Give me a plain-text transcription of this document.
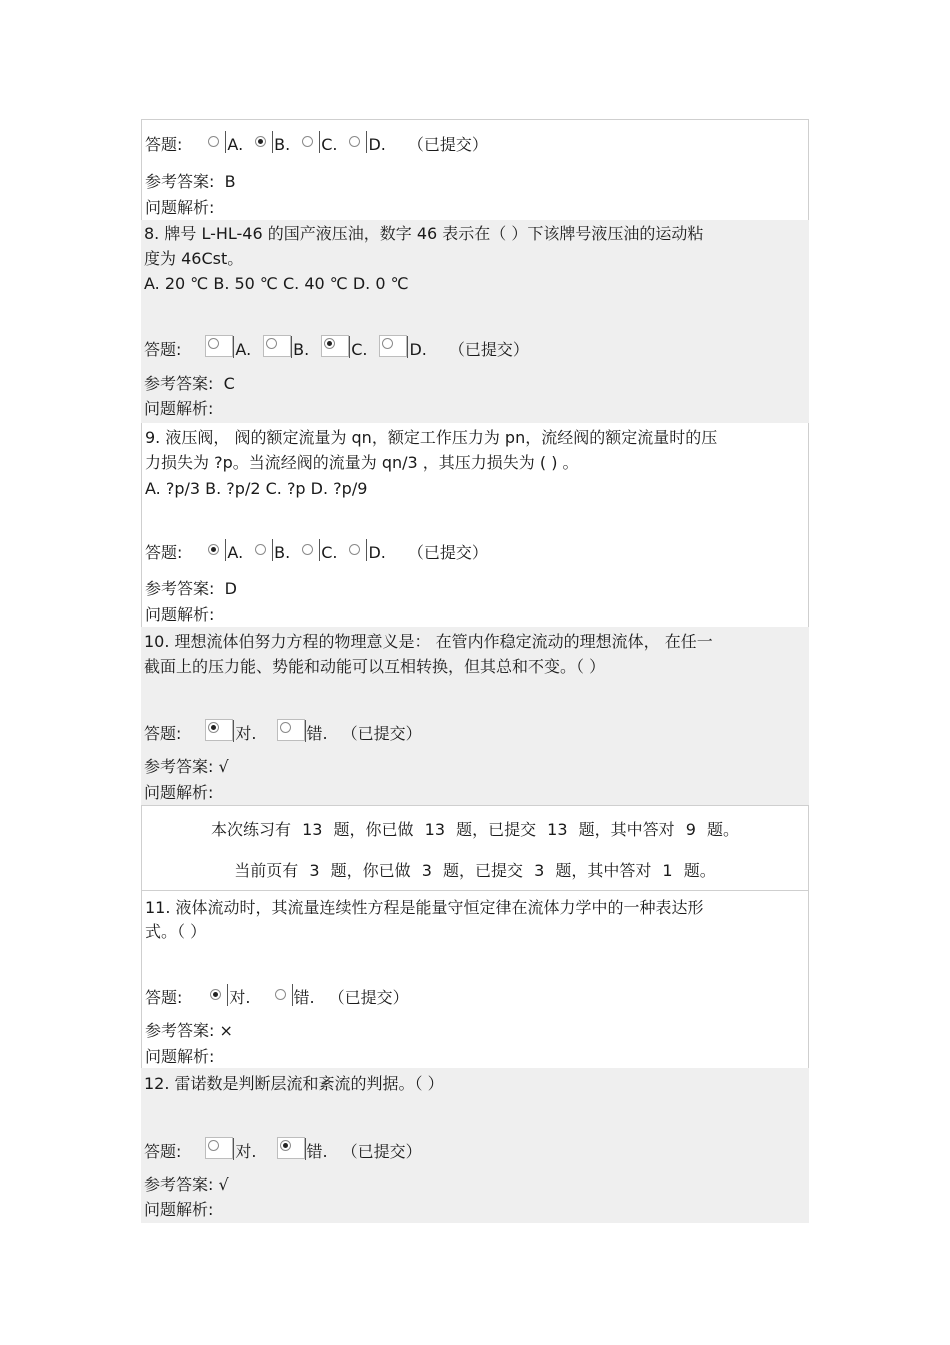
答题:	A. B. C. D. （已提交）
参考答案: B
问题解析:
8. 牌号 L-HL-46 的国产液压油，数字 46 表示在（ ）下该牌号液压油的运动粘
度为 46Cst。
A. 20 ℃ B. 50 ℃ C. 40 ℃ D. 0 ℃
答题:	A.	B.	C.	D. （已提交）
参考答案: C
问题解析:
9. 液压阀， 阀的额定流量为 qn，额定工作压力为 pn，流经阀的额定流量时的压
力损失为 ?p。当流经阀的流量为 qn/3 ，其压力损失为 ( ) 。
A. ?p/3 B. ?p/2 C. ?p D. ?p/9
答题:	A. B. C. D. （已提交）
参考答案: D
问题解析:
10. 理想流体伯努力方程的物理意义是： 在管内作稳定流动的理想流体， 在任一
截面上的压力能、势能和动能可以互相转换，但其总和不变。（ ）
答题:	对.	错. （已提交）
参考答案: √
问题解析:
本次练习有 13 题，你已做 13 题，已提交 13 题，其中答对 9 题。
当前页有 3 题，你已做 3 题，已提交 3 题，其中答对 1 题。
11. 液体流动时，其流量连续性方程是能量守恒定律在流体力学中的一种表达形
式。（ ）
答题:	对.	错. （已提交）
参考答案: ×
问题解析:
12. 雷诺数是判断层流和紊流的判据。（ ）
答题:	对.	错. （已提交）
参考答案: √
问题解析:
